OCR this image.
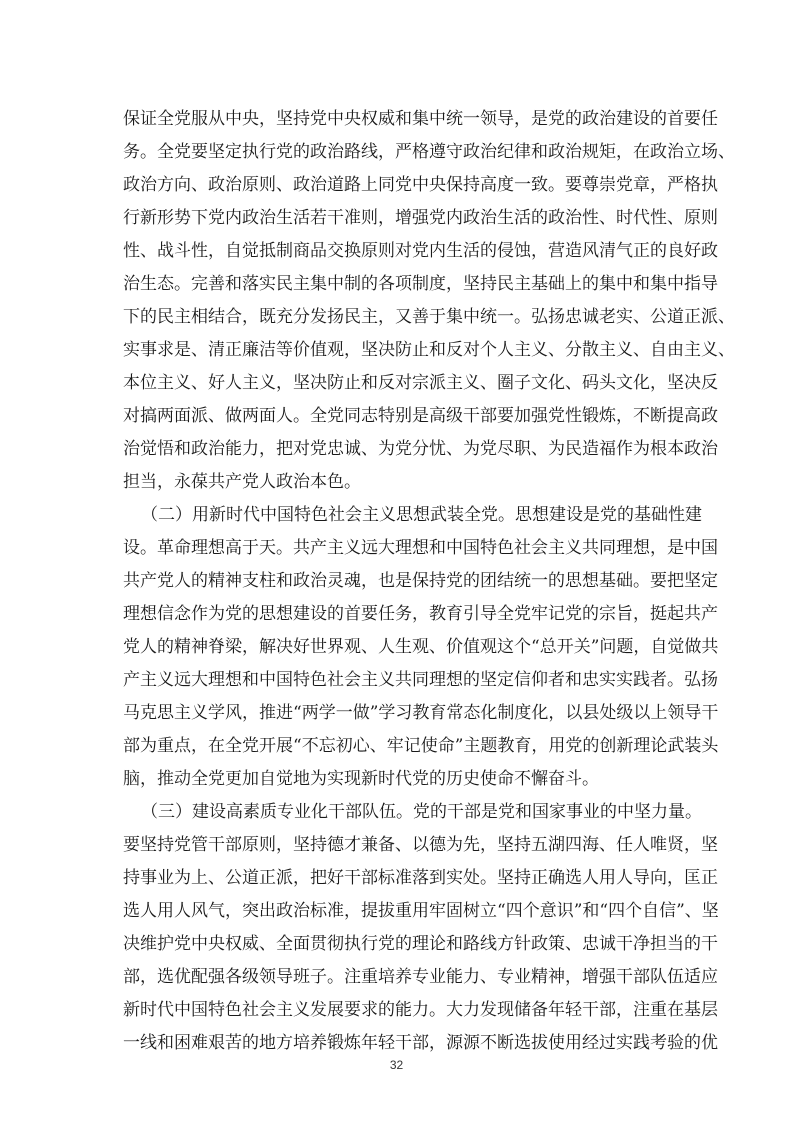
保证全党服从中央，坚持党中央权威和集中统一领导，是党的政治建设的首要任
务。全党要坚定执行党的政治路线，严格遵守政治纪律和政治规矩，在政治立场、
政治方向、政治原则、政治道路上同党中央保持高度一致。要尊崇党章，严格执
行新形势下党内政治生活若干准则，增强党内政治生活的政治性、时代性、原则
性、战斗性，自觉抵制商品交换原则对党内生活的侵蚀，营造风清气正的良好政
治生态。完善和落实民主集中制的各项制度，坚持民主基础上的集中和集中指导
下的民主相结合，既充分发扬民主，又善于集中统一。弘扬忠诚老实、公道正派、
实事求是、清正廉洁等价值观，坚决防止和反对个人主义、分散主义、自由主义、
本位主义、好人主义，坚决防止和反对宗派主义、圈子文化、码头文化，坚决反
对搞两面派、做两面人。全党同志特别是高级干部要加强党性锻炼，不断提高政
治觉悟和政治能力，把对党忠诚、为党分忧、为党尽职、为民造福作为根本政治
担当，永葆共产党人政治本色。
（二）用新时代中国特色社会主义思想武装全党。思想建设是党的基础性建
设。革命理想高于天。共产主义远大理想和中国特色社会主义共同理想，是中国
共产党人的精神支柱和政治灵魂，也是保持党的团结统一的思想基础。要把坚定
理想信念作为党的思想建设的首要任务，教育引导全党牢记党的宗旨，挺起共产
党人的精神脊梁，解决好世界观、人生观、价值观这个“总开关”问题，自觉做共
产主义远大理想和中国特色社会主义共同理想的坚定信仰者和忠实实践者。弘扬
马克思主义学风，推进“两学一做”学习教育常态化制度化，以县处级以上领导干
部为重点，在全党开展“不忘初心、牢记使命”主题教育，用党的创新理论武装头
脑，推动全党更加自觉地为实现新时代党的历史使命不懈奋斗。
（三）建设高素质专业化干部队伍。党的干部是党和国家事业的中坚力量。
要坚持党管干部原则，坚持德才兼备、以德为先，坚持五湖四海、任人唯贤，坚
持事业为上、公道正派，把好干部标准落到实处。坚持正确选人用人导向，匡正
选人用人风气，突出政治标准，提拔重用牢固树立“四个意识”和“四个自信”、坚
决维护党中央权威、全面贯彻执行党的理论和路线方针政策、忠诚干净担当的干
部，选优配强各级领导班子。注重培养专业能力、专业精神，增强干部队伍适应
新时代中国特色社会主义发展要求的能力。大力发现储备年轻干部，注重在基层
一线和困难艰苦的地方培养锻炼年轻干部，源源不断选拔使用经过实践考验的优
32
